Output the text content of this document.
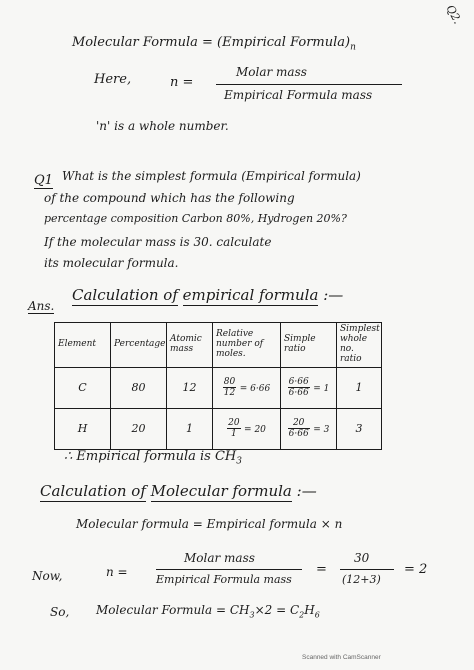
Q2.
Molecular Formula = (Empirical $Formula)_n$
Here,	n =
Molar mass
Empirical Formula mass
'n' is a whole number.
Q1 What is the simplest formula (Empirical formula)
of the compound which has the following
percentage composition Carbon 80%, Hydrogen 20%?
If the molecular mass is 30. calculate
its molecular formula.
Ans.
Calculation of empirical formula :—
Element	Percentage	Atomic mass	Relative number of moles.	Simple ratio	Simplest whole no. ratio
C	80	12	$\frac{80}{12} = 6\cdot 66$	$\frac{6\cdot 66}{6\cdot 66} = 1$	1
H	20	1	$\frac{20}{1} = 20$	$\frac{20}{6\cdot 66} = 3$	3
∴ Empirical formula is $CH_3$
Calculation of Molecular formula :—
Molecular formula = Empirical formula × n
Now,	n =
Molar mass
Empirical Formula mass
=
30
(12+3)
= 2
So, Molecular Formula = $CH_3\times 2 = C_2H_6$
Scanned with CamScanner
